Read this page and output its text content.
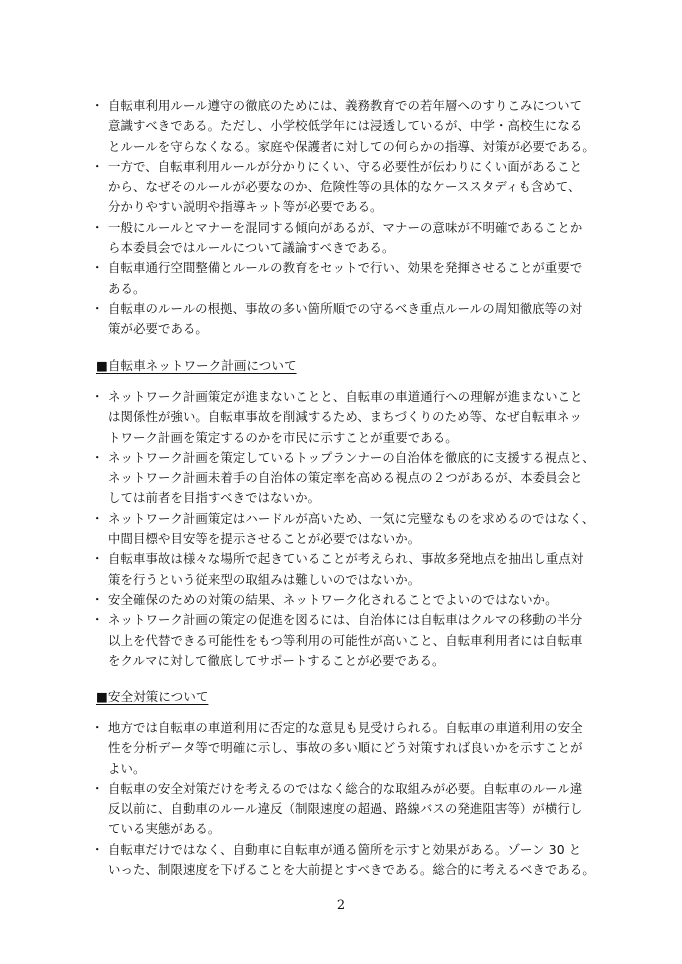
・ 自転車利用ルール遵守の徹底のためには、義務教育での若年層へのすりこみについて
意識すべきである。ただし、小学校低学年には浸透しているが、中学・高校生になる
とルールを守らなくなる。家庭や保護者に対しての何らかの指導、対策が必要である。
・ 一方で、自転車利用ルールが分かりにくい、守る必要性が伝わりにくい面があること
から、なぜそのルールが必要なのか、危険性等の具体的なケーススタディも含めて、
分かりやすい説明や指導キット等が必要である。
・ 一般にルールとマナーを混同する傾向があるが、マナーの意味が不明確であることか
ら本委員会ではルールについて議論すべきである。
・ 自転車通行空間整備とルールの教育をセットで行い、効果を発揮させることが重要で
ある。
・ 自転車のルールの根拠、事故の多い箇所順での守るべき重点ルールの周知徹底等の対
策が必要である。
■自転車ネットワーク計画について
・ ネットワーク計画策定が進まないことと、自転車の車道通行への理解が進まないこと
は関係性が強い。自転車事故を削減するため、まちづくりのため等、なぜ自転車ネッ
トワーク計画を策定するのかを市民に示すことが重要である。
・ ネットワーク計画を策定しているトップランナーの自治体を徹底的に支援する視点と、
ネットワーク計画未着手の自治体の策定率を高める視点の２つがあるが、本委員会と
しては前者を目指すべきではないか。
・ ネットワーク計画策定はハードルが高いため、一気に完璧なものを求めるのではなく、
中間目標や目安等を提示させることが必要ではないか。
・ 自転車事故は様々な場所で起きていることが考えられ、事故多発地点を抽出し重点対
策を行うという従来型の取組みは難しいのではないか。
・ 安全確保のための対策の結果、ネットワーク化されることでよいのではないか。
・ ネットワーク計画の策定の促進を図るには、自治体には自転車はクルマの移動の半分
以上を代替できる可能性をもつ等利用の可能性が高いこと、自転車利用者には自転車
をクルマに対して徹底してサポートすることが必要である。
■安全対策について
・ 地方では自転車の車道利用に否定的な意見も見受けられる。自転車の車道利用の安全
性を分析データ等で明確に示し、事故の多い順にどう対策すれば良いかを示すことが
よい。
・ 自転車の安全対策だけを考えるのではなく総合的な取組みが必要。自転車のルール違
反以前に、自動車のルール違反（制限速度の超過、路線バスの発進阻害等）が横行し
ている実態がある。
・ 自転車だけではなく、自動車に自転車が通る箇所を示すと効果がある。ゾーン 30 と
いった、制限速度を下げることを大前提とすべきである。総合的に考えるべきである。
2
